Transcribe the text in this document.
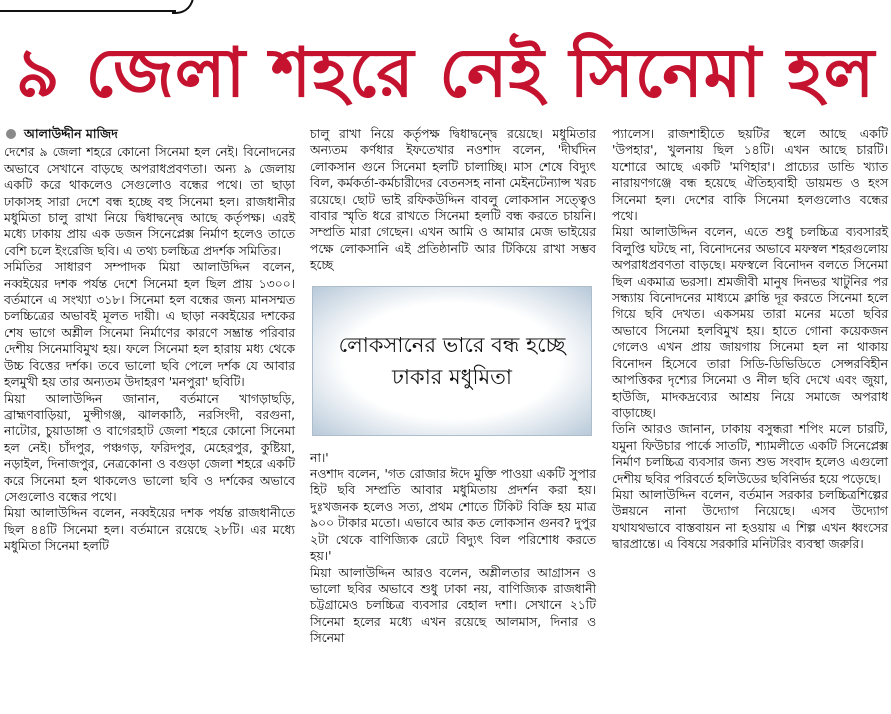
৯ জেলা শহরে নেই সিনেমা হল
আলাউদ্দীন মাজিদ

দেশের ৯ জেলা শহরে কোনো সিনেমা হল নেই। বিনোদনের অভাবে সেখানে বাড়ছে অপরাধপ্রবণতা। অন্য ৯ জেলায় একটি করে থাকলেও সেগুলোও বন্ধের পথে। তা ছাড়া ঢাকাসহ সারা দেশে বন্ধ হচ্ছে বহু সিনেমা হল। রাজধানীর মধুমিতা চালু রাখা নিয়ে দ্বিধাদ্বন্দ্বে আছে কর্তৃপক্ষ। এরই মধ্যে ঢাকায় প্রায় এক ডজন সিনেপ্লেক্স নির্মাণ হলেও তাতে বেশি চলে ইংরেজি ছবি। এ তথ্য চলচ্চিত্র প্রদর্শক সমিতির।

সমিতির সাধারণ সম্পাদক মিয়া আলাউদ্দিন বলেন, নব্বইয়ের দশক পর্যন্ত দেশে সিনেমা হল ছিল প্রায় ১৩০০। বর্তমানে এ সংখ্যা ৩১৮। সিনেমা হল বন্ধের জন্য মানসম্মত চলচ্চিত্রের অভাবই মূলত দায়ী। এ ছাড়া নব্বইয়ের দশকের শেষ ভাগে অশ্লীল সিনেমা নির্মাণের কারণে সম্ভ্রান্ত পরিবার দেশীয় সিনেমাবিমুখ হয়। ফলে সিনেমা হল হারায় মধ্য থেকে উচ্চ বিত্তের দর্শক। তবে ভালো ছবি পেলে দর্শক যে আবার হলমুখী হয় তার অন্যতম উদাহরণ 'মনপুরা' ছবিটি।

মিয়া আলাউদ্দিন জানান, বর্তমানে খাগড়াছড়ি, ব্রাহ্মণবাড়িয়া, মুন্সীগঞ্জ, ঝালকাঠি, নরসিংদী, বরগুনা, নাটোর, চুয়াডাঙ্গা ও বাগেরহাট জেলা শহরে কোনো সিনেমা হল নেই। চাঁদপুর, পঞ্চগড়, ফরিদপুর, মেহেরপুর, কুষ্টিয়া, নড়াইল, দিনাজপুর, নেত্রকোনা ও বগুড়া জেলা শহরে একটি করে সিনেমা হল থাকলেও ভালো ছবি ও দর্শকের অভাবে সেগুলোও বন্ধের পথে।

মিয়া আলাউদ্দিন বলেন, নব্বইয়ের দশক পর্যন্ত রাজধানীতে ছিল ৪৪টি সিনেমা হল। বর্তমানে রয়েছে ২৮টি। এর মধ্যে মধুমিতা সিনেমা হলটি

চালু রাখা নিয়ে কর্তৃপক্ষ দ্বিধাদ্বন্দ্বে রয়েছে। মধুমিতার অন্যতম কর্ণধার ইফতেখার নওশাদ বলেন, 'দীর্ঘদিন লোকসান গুনে সিনেমা হলটি চালাচ্ছি। মাস শেষে বিদ্যুৎ বিল, কর্মকর্তা-কর্মচারীদের বেতনসহ নানা মেইনটেন্যান্স খরচ রয়েছে। ছোট ভাই রফিকউদ্দিন বাবলু লোকসান সত্ত্বেও বাবার স্মৃতি ধরে রাখতে সিনেমা হলটি বন্ধ করতে চায়নি। সম্প্রতি মারা গেছেন। এখন আমি ও আমার মেজ ভাইয়ের পক্ষে লোকসানি এই প্রতিষ্ঠানটি আর টিকিয়ে রাখা সম্ভব হচ্ছে

লোকসানের ভারে বন্ধ হচ্ছে ঢাকার মধুমিতা

না।'

নওশাদ বলেন, 'গত রোজার ঈদে মুক্তি পাওয়া একটি সুপার হিট ছবি সম্প্রতি আবার মধুমিতায় প্রদর্শন করা হয়। দুঃখজনক হলেও সত্য, প্রথম শোতে টিকিট বিক্রি হয় মাত্র ৯০০ টাকার মতো। এভাবে আর কত লোকসান গুনব? দুপুর ২টা থেকে বাণিজ্যিক রেটে বিদ্যুৎ বিল পরিশোধ করতে হয়।'

মিয়া আলাউদ্দিন আরও বলেন, অশ্লীলতার আগ্রাসন ও ভালো ছবির অভাবে শুধু ঢাকা নয়, বাণিজ্যিক রাজধানী চট্টগ্রামেও চলচ্চিত্র ব্যবসার বেহাল দশা। সেখানে ২১টি সিনেমা হলের মধ্যে এখন রয়েছে আলমাস, দিনার ও সিনেমা

প্যালেস। রাজশাহীতে ছয়টির স্থলে আছে একটি 'উপহার', খুলনায় ছিল ১৪টি। এখন আছে চারটি। যশোরে আছে একটি 'মণিহার'। প্রাচ্যের ডান্ডি খ্যাত নারায়ণগঞ্জে বন্ধ হয়েছে ঐতিহ্যবাহী ডায়মন্ড ও হংস সিনেমা হল। দেশের বাকি সিনেমা হলগুলোও বন্ধের পথে।

মিয়া আলাউদ্দিন বলেন, এতে শুধু চলচ্চিত্র ব্যবসারই বিলুপ্তি ঘটছে না, বিনোদনের অভাবে মফস্বল শহরগুলোয় অপরাধপ্রবণতা বাড়ছে। মফস্বলে বিনোদন বলতে সিনেমা ছিল একমাত্র ভরসা। শ্রমজীবী মানুষ দিনভর খাটুনির পর সন্ধ্যায় বিনোদনের মাধ্যমে ক্লান্তি দূর করতে সিনেমা হলে গিয়ে ছবি দেখত। একসময় তারা মনের মতো ছবির অভাবে সিনেমা হলবিমুখ হয়। হাতে গোনা কয়েকজন গেলেও এখন প্রায় জায়গায় সিনেমা হল না থাকায় বিনোদন হিসেবে তারা সিডি-ডিভিডিতে সেন্সরবিহীন আপত্তিকর দৃশ্যের সিনেমা ও নীল ছবি দেখে এবং জুয়া, হাউজি, মাদকদ্রব্যের আশ্রয় নিয়ে সমাজে অপরাধ বাড়াচ্ছে।

তিনি আরও জানান, ঢাকায় বসুন্ধরা শপিং মলে চারটি, যমুনা ফিউচার পার্কে সাতটি, শ্যামলীতে একটি সিনেপ্লেক্স নির্মাণ চলচ্চিত্র ব্যবসার জন্য শুভ সংবাদ হলেও এগুলো দেশীয় ছবির পরিবর্তে হলিউডের ছবিনির্ভর হয়ে পড়েছে।

মিয়া আলাউদ্দিন বলেন, বর্তমান সরকার চলচ্চিত্রশিল্পের উন্নয়নে নানা উদ্যোগ নিয়েছে। এসব উদ্যোগ যথাযথভাবে বাস্তবায়ন না হওয়ায় এ শিল্প এখন ধ্বংসের দ্বারপ্রান্তে। এ বিষয়ে সরকারি মনিটরিং ব্যবস্থা জরুরি।
